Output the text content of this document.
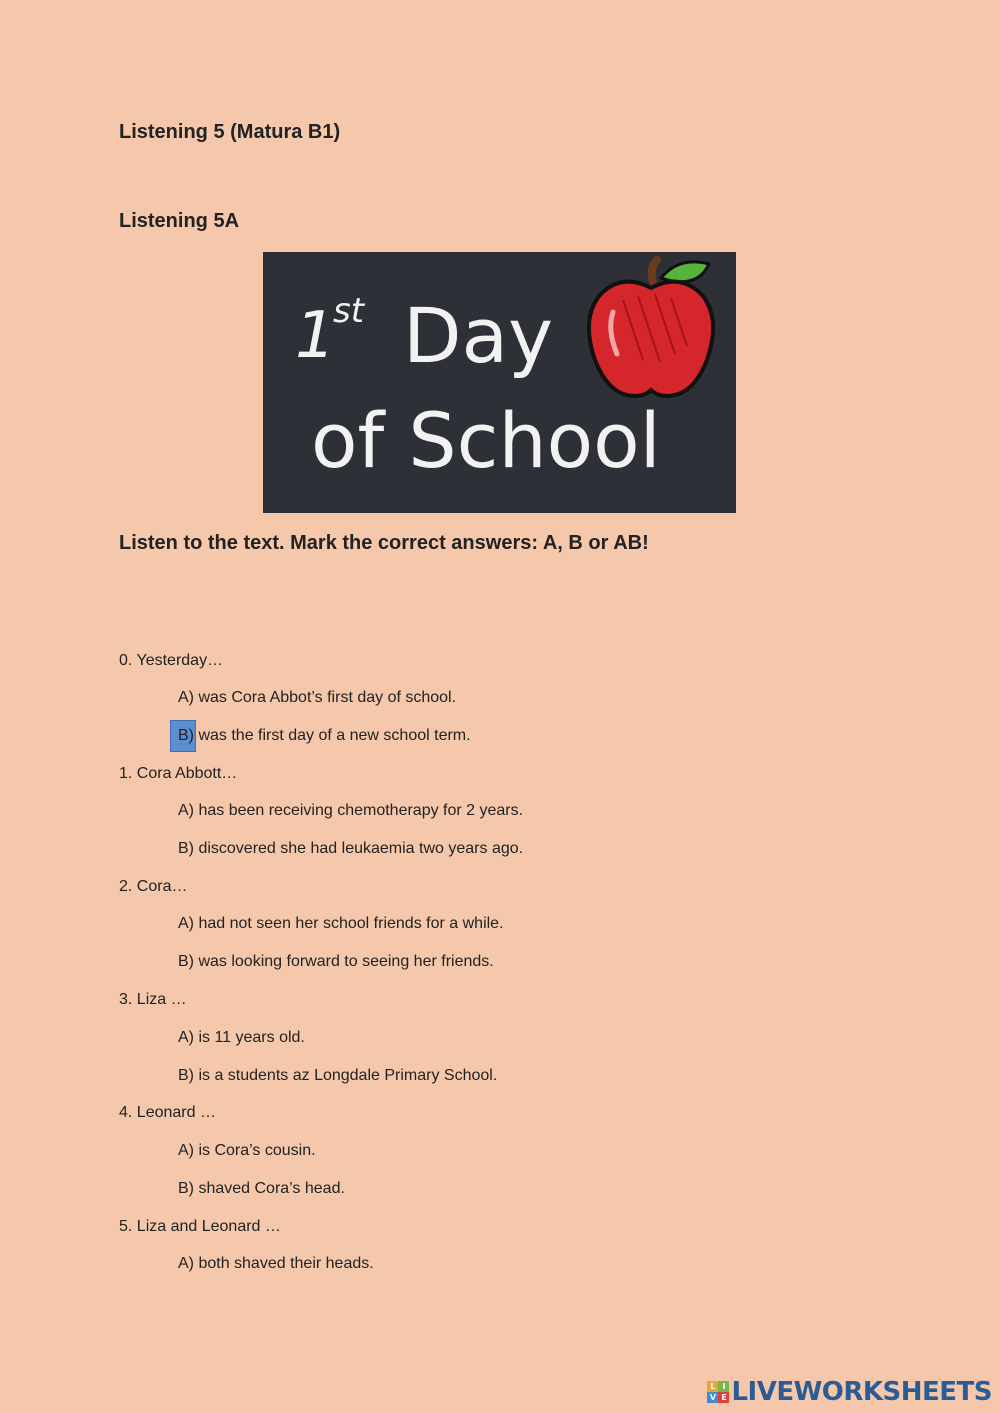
Listening 5 (Matura B1)
Listening 5A
1
st Day
of School
Listen to the text. Mark the correct answers: A, B or AB!
0. Yesterday…
A) was Cora Abbot’s first day of school.
B) was the first day of a new school term.
1. Cora Abbott…
A) has been receiving chemotherapy for 2 years.
B) discovered she had leukaemia two years ago.
2. Cora…
A) had not seen her school friends for a while.
B) was looking forward to seeing her friends.
3. Liza …
A) is 11 years old.
B) is a students az Longdale Primary School.
4. Leonard …
A) is Cora’s cousin.
B) shaved Cora’s head.
5. Liza and Leonard …
A) both shaved their heads.
L I
V E LIVEWORKSHEETS
